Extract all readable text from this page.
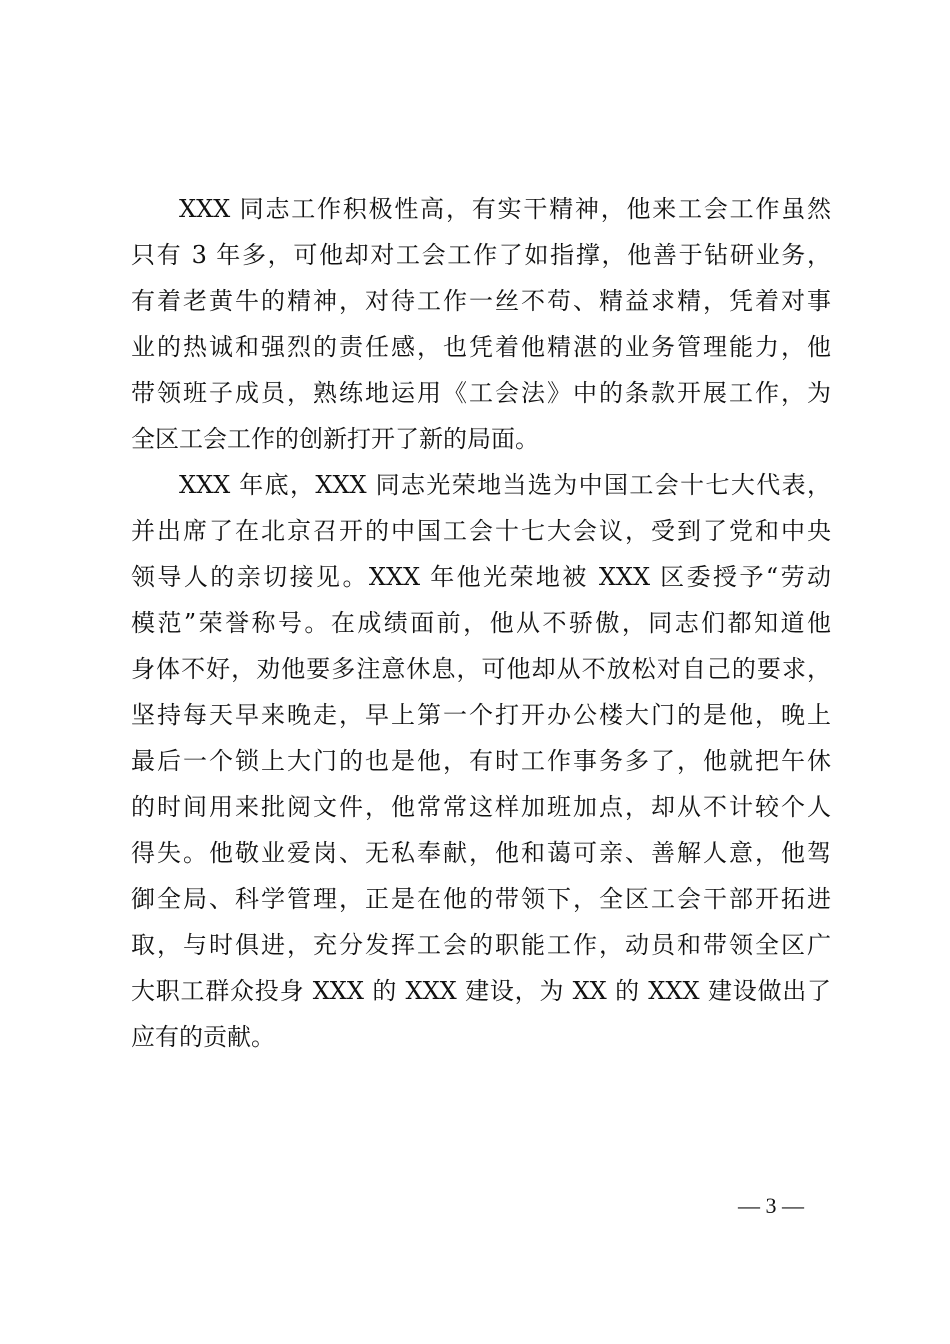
XXX 同志工作积极性高，有实干精神，他来工会工作虽然
只有 3 年多，可他却对工会工作了如指撑，他善于钻研业务，
有着老黄牛的精神，对待工作一丝不苟、精益求精，凭着对事
业的热诚和强烈的责任感，也凭着他精湛的业务管理能力，他
带领班子成员，熟练地运用《工会法》中的条款开展工作，为
全区工会工作的创新打开了新的局面。
XXX 年底，XXX 同志光荣地当选为中国工会十七大代表，
并出席了在北京召开的中国工会十七大会议，受到了党和中央
领导人的亲切接见。XXX 年他光荣地被 XXX 区委授予“劳动
模范”荣誉称号。在成绩面前，他从不骄傲，同志们都知道他
身体不好，劝他要多注意休息，可他却从不放松对自己的要求，
坚持每天早来晚走，早上第一个打开办公楼大门的是他，晚上
最后一个锁上大门的也是他，有时工作事务多了，他就把午休
的时间用来批阅文件，他常常这样加班加点，却从不计较个人
得失。他敬业爱岗、无私奉献，他和蔼可亲、善解人意，他驾
御全局、科学管理，正是在他的带领下，全区工会干部开拓进
取，与时俱进，充分发挥工会的职能工作，动员和带领全区广
大职工群众投身 XXX 的 XXX 建设，为 XX 的 XXX 建设做出了
应有的贡献。
— 3 —
